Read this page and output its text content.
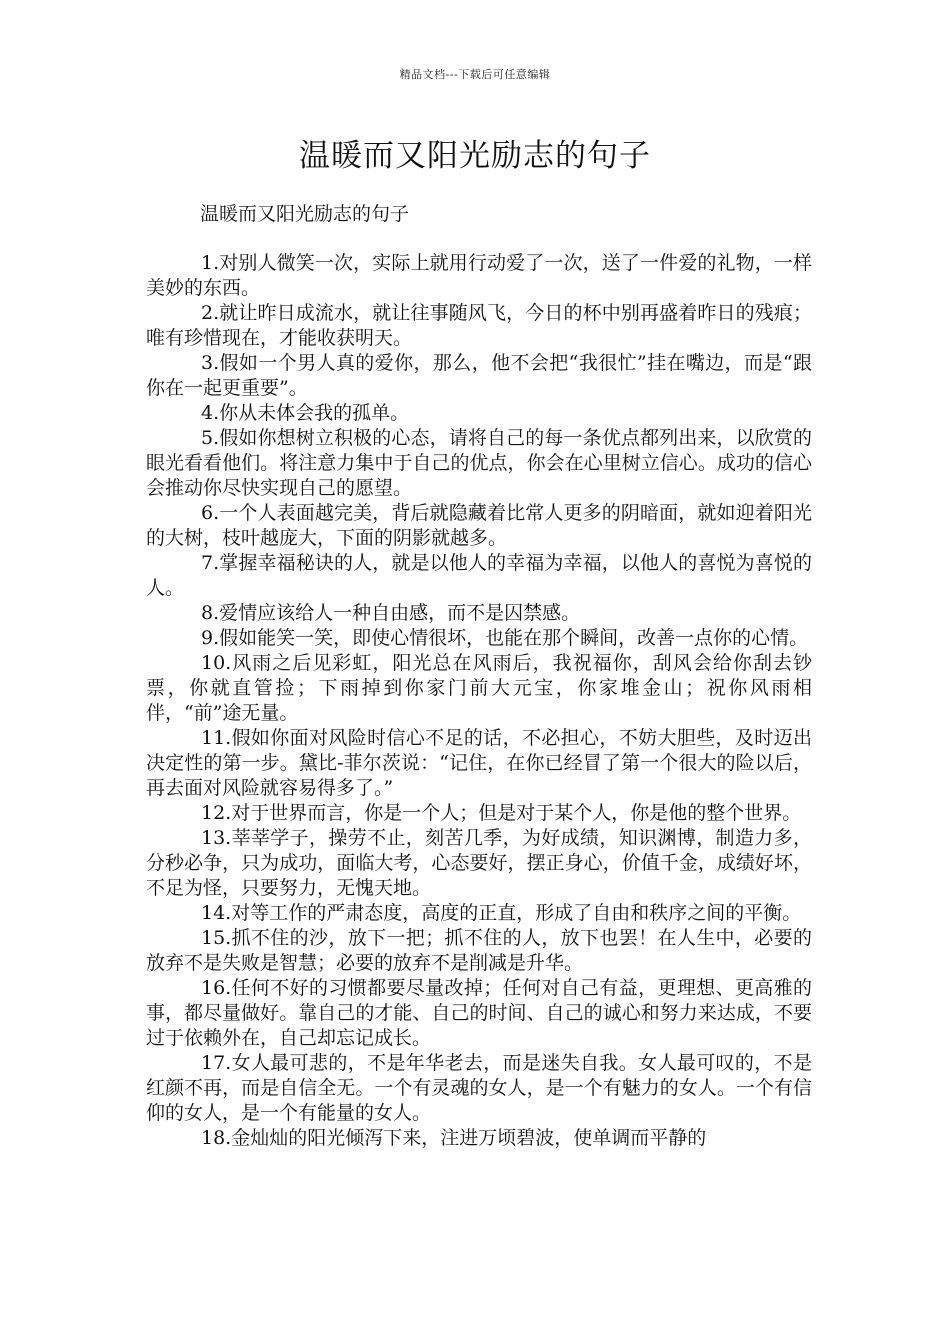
精品文档---下载后可任意编辑
温暖而又阳光励志的句子

温暖而又阳光励志的句子

1.对别人微笑一次，实际上就用行动爱了一次，送了一件爱的礼物，一样美妙的东西。

2.就让昨日成流水，就让往事随风飞，今日的杯中别再盛着昨日的残痕；唯有珍惜现在，才能收获明天。

3.假如一个男人真的爱你，那么，他不会把“我很忙”挂在嘴边，而是“跟你在一起更重要”。

4.你从未体会我的孤单。

5.假如你想树立积极的心态，请将自己的每一条优点都列出来，以欣赏的眼光看看他们。将注意力集中于自己的优点，你会在心里树立信心。成功的信心会推动你尽快实现自己的愿望。

6.一个人表面越完美，背后就隐藏着比常人更多的阴暗面，就如迎着阳光的大树，枝叶越庞大，下面的阴影就越多。

7.掌握幸福秘诀的人，就是以他人的幸福为幸福，以他人的喜悦为喜悦的人。

8.爱情应该给人一种自由感，而不是囚禁感。

9.假如能笑一笑，即使心情很坏，也能在那个瞬间，改善一点你的心情。

10.风雨之后见彩虹，阳光总在风雨后，我祝福你，刮风会给你刮去钞票，你就直管捡；下雨掉到你家门前大元宝，你家堆金山；祝你风雨相伴，“前”途无量。

11.假如你面对风险时信心不足的话，不必担心，不妨大胆些，及时迈出决定性的第一步。黛比-菲尔茨说：“记住，在你已经冒了第一个很大的险以后，再去面对风险就容易得多了。”

12.对于世界而言，你是一个人；但是对于某个人，你是他的整个世界。

13.莘莘学子，操劳不止，刻苦几季，为好成绩，知识渊博，制造力多，分秒必争，只为成功，面临大考，心态要好，摆正身心，价值千金，成绩好坏，不足为怪，只要努力，无愧天地。

14.对等工作的严肃态度，高度的正直，形成了自由和秩序之间的平衡。

15.抓不住的沙，放下一把；抓不住的人，放下也罢！在人生中，必要的放弃不是失败是智慧；必要的放弃不是削减是升华。

16.任何不好的习惯都要尽量改掉；任何对自己有益，更理想、更高雅的事，都尽量做好。靠自己的才能、自己的时间、自己的诚心和努力来达成，不要过于依赖外在，自己却忘记成长。

17.女人最可悲的，不是年华老去，而是迷失自我。女人最可叹的，不是红颜不再，而是自信全无。一个有灵魂的女人，是一个有魅力的女人。一个有信仰的女人，是一个有能量的女人。

18.金灿灿的阳光倾泻下来，注进万顷碧波，使单调而平静的
